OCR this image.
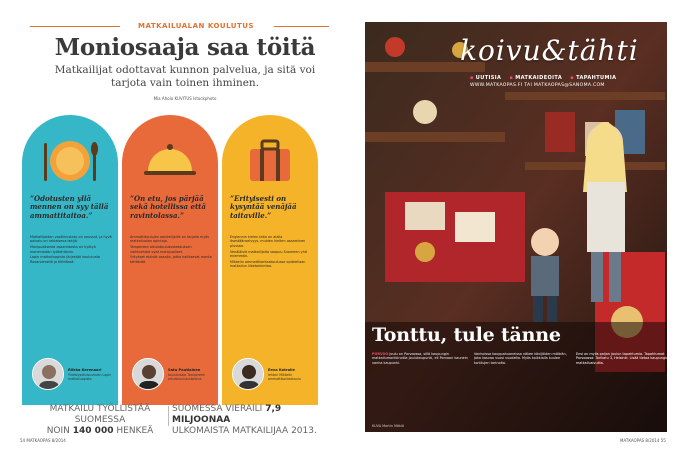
MATKAILUALAN KOULUTUS
Moniosaaja saa töitä

Matkailijat odottavat kunnon palvelua, ja sitä voi tarjota vain toinen ihminen.

Mia Aholu KUVITUS Istockphoto

”Odotusten yllä mennen on syy tällä ammattitaitoa.”

Matkailijoiden vaatimustaso on noussut, ja hyvä palvelu on ratkaiseva tekijä.

Monipuolisesta osaamisesta on hyötyä monenlaisiin työtehtäviin.

Lapin matkailuopisto järjestää koulutusta Rovaniemellä ja Kittilässä.

”On etu, jos pärjää sekä hotellissa että ravintolassa.”

Ammattikoulujen opiskelijoille on tarjolla myös matkailualan opintoja.

Tampereen aikuiskoulutuskeskuksen vaihtoehdot ovat monipuoliset.

Yritykset etsivät osaajia, jotka hallitsevat monta tehtävää.

”Erityisesti on kysyntää venäjää taitaville.”

Englannin kielen taito on alalla itsestäänselvyys, muiden kielten osaaminen plussaa.

Venäläisiä matkailijoita saapuu Suomeen yhä enemmän.

Mikkelin ammattikorkeakoulussa opiskellaan matkailun liiketoimintaa.

Riikka Kerenaari
Yhdistysetuisuuksien Lapin matkailuopisto
Satu Poutiainen
koulutusala Tampereen aikuiskoulutuskeskus
Eeva Kotrolle
lehtori Mikkelin ammattikorkeakoulu
MATKAILU TYÖLLISTÄÄ SUOMESSA
NOIN 140 000 HENKEÄ
SUOMESSA VIERAILI 7,9 MILJOONAA
ULKOMAISTA MATKAILIJAA 2013.
54 MATKAOPAS 8/2014
koivu&tähti
▪ UUTISIA ▪ MATKAIDEOITA ▪ TAPAHTUMIA
WWW.MATKAOPAS.FI TAI MATKAOPAS@SANOMA.COM
Tonttu, tule tänne
PORVOO Joulu on Porvoossa, sillä kaupungin matkailumarkkinoilla Joulukaupunki, eli Porvoon kaunein vanha kaupunki.
Vanhoissa kauppahuoneissa näkee kävijöiden määrän, joka kasvaa vuosi vuodelta. Myös kaikkialla kuulee tonttujen tarinoita.
Ensi on myös paljon joulun tapahtumia. Tapahtumat Porvoossa: Torikatu 3, Helsinki. Lisää tietoa kaupungin matkailusivuilta.
KUVA Martin Mäkiö
MATKAOPAS 8/2014 55
